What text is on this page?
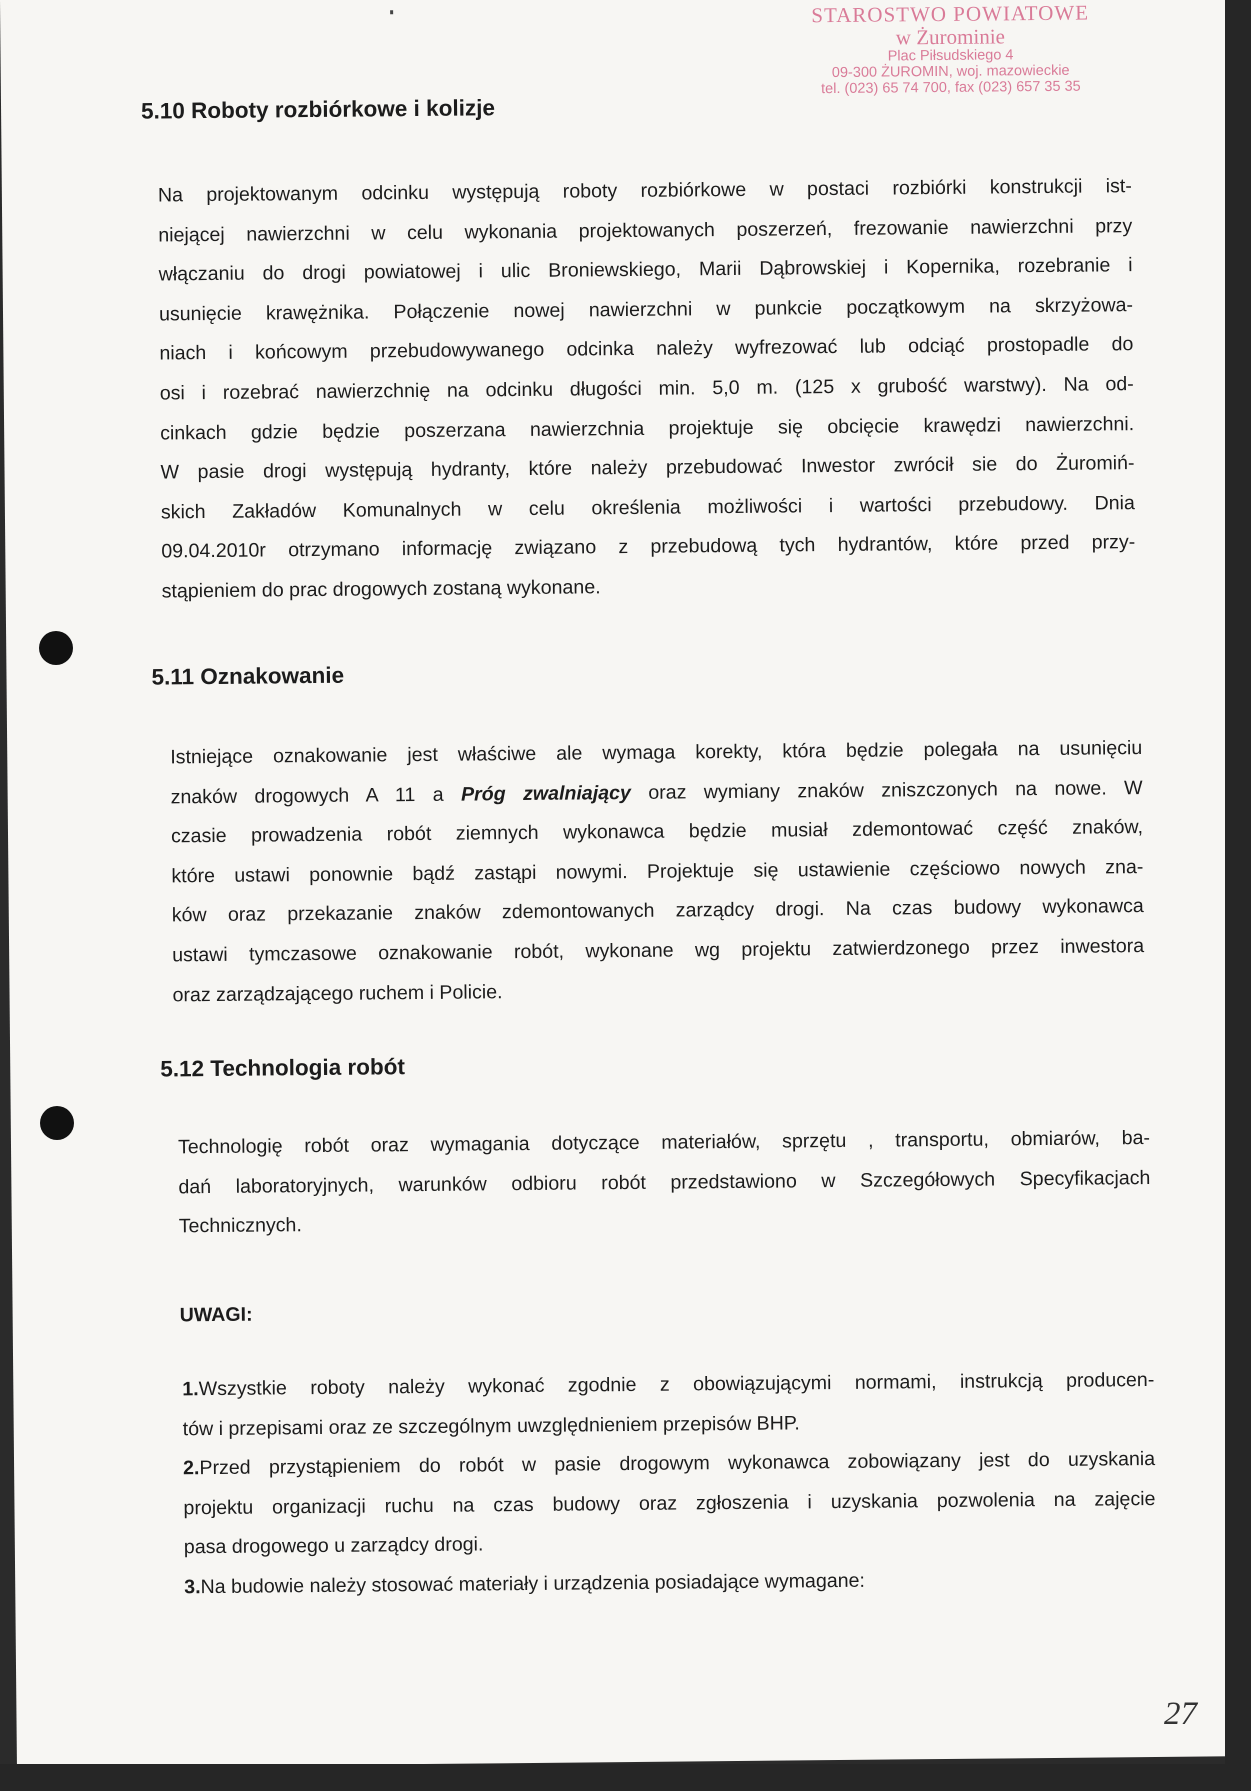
STAROSTWO POWIATOWE
w Żurominie
Plac Piłsudskiego 4
09-300 ŻUROMIN, woj. mazowieckie
tel. (023) 65 74 700, fax (023) 657 35 35
5.10 Roboty rozbiórkowe i kolizje
Na projektowanym odcinku występują roboty rozbiórkowe w postaci rozbiórki konstrukcji ist-
niejącej nawierzchni w celu wykonania projektowanych poszerzeń, frezowanie nawierzchni przy
włączaniu do drogi powiatowej i ulic Broniewskiego, Marii Dąbrowskiej i Kopernika, rozebranie i
usunięcie krawężnika. Połączenie nowej nawierzchni w punkcie początkowym na skrzyżowa-
niach i końcowym przebudowywanego odcinka należy wyfrezować lub odciąć prostopadle do
osi i rozebrać nawierzchnię na odcinku długości min. 5,0 m. (125 x grubość warstwy). Na od-
cinkach gdzie będzie poszerzana nawierzchnia projektuje się obcięcie krawędzi nawierzchni.
W pasie drogi występują hydranty, które należy przebudować Inwestor zwrócił sie do Żuromiń-
skich Zakładów Komunalnych w celu określenia możliwości i wartości przebudowy. Dnia
09.04.2010r otrzymano informację związano z przebudową tych hydrantów, które przed przy-
stąpieniem do prac drogowych zostaną wykonane.
5.11 Oznakowanie
Istniejące oznakowanie jest właściwe ale wymaga korekty, która będzie polegała na usunięciu
znaków drogowych A 11 a Próg zwalniający oraz wymiany znaków zniszczonych na nowe. W
czasie prowadzenia robót ziemnych wykonawca będzie musiał zdemontować część znaków,
które ustawi ponownie bądź zastąpi nowymi. Projektuje się ustawienie częściowo nowych zna-
ków oraz przekazanie znaków zdemontowanych zarządcy drogi. Na czas budowy wykonawca
ustawi tymczasowe oznakowanie robót, wykonane wg projektu zatwierdzonego przez inwestora
oraz zarządzającego ruchem i Policie.
5.12 Technologia robót
Technologię robót oraz wymagania dotyczące materiałów, sprzętu , transportu, obmiarów, ba-
dań laboratoryjnych, warunków odbioru robót przedstawiono w Szczegółowych Specyfikacjach
Technicznych.
UWAGI:
1.Wszystkie roboty należy wykonać zgodnie z obowiązującymi normami, instrukcją producen-
tów i przepisami oraz ze szczególnym uwzględnieniem przepisów BHP.
2.Przed przystąpieniem do robót w pasie drogowym wykonawca zobowiązany jest do uzyskania
projektu organizacji ruchu na czas budowy oraz zgłoszenia i uzyskania pozwolenia na zajęcie
pasa drogowego u zarządcy drogi.
3.Na budowie należy stosować materiały i urządzenia posiadające wymagane:
27
